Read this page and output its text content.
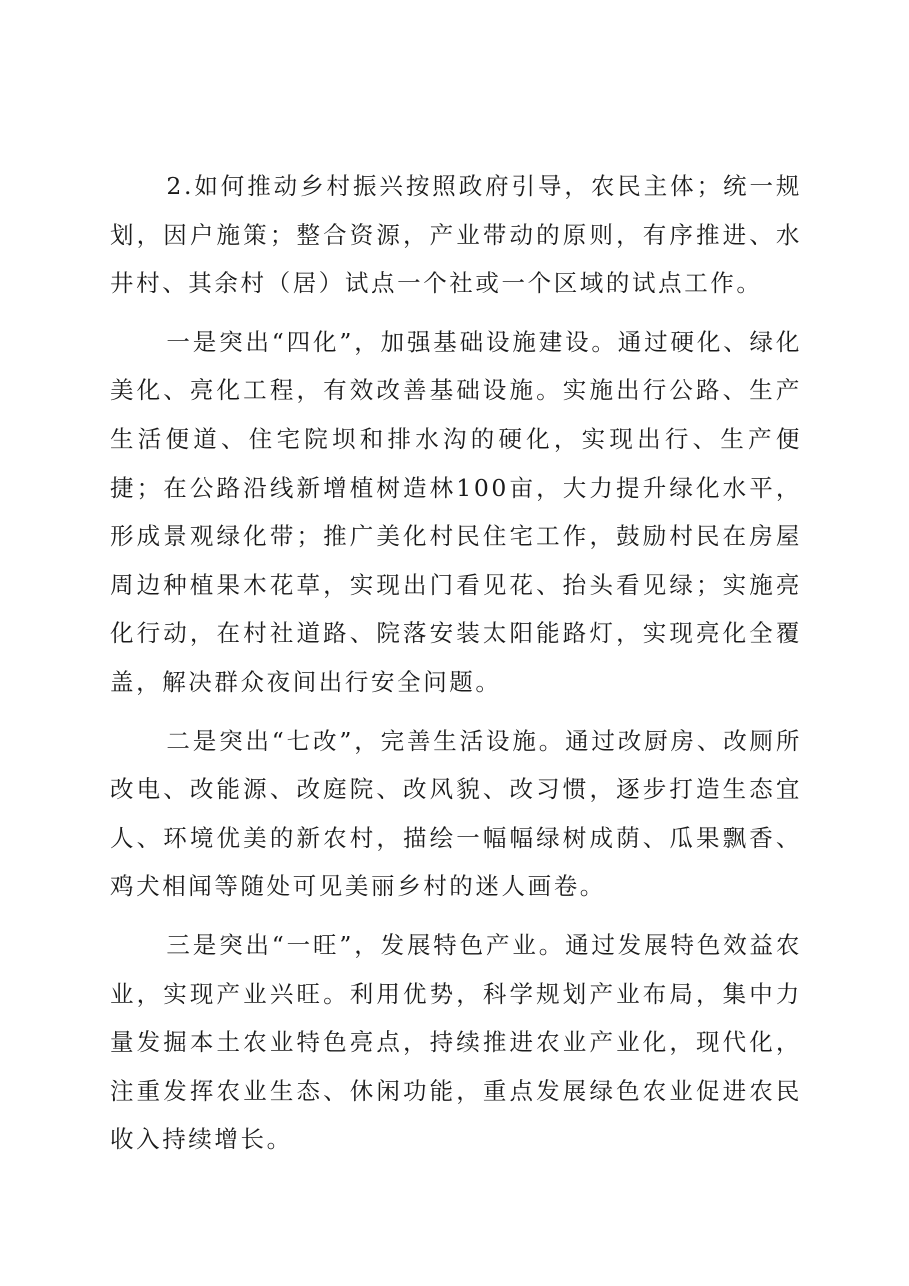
2.如何推动乡村振兴按照政府引导，农民主体；统一规划，因户施策；整合资源，产业带动的原则，有序推进、水井村、其余村（居）试点一个社或一个区域的试点工作。

一是突出“四化”，加强基础设施建设。通过硬化、绿化美化、亮化工程，有效改善基础设施。实施出行公路、生产生活便道、住宅院坝和排水沟的硬化，实现出行、生产便捷；在公路沿线新增植树造林100亩，大力提升绿化水平，形成景观绿化带；推广美化村民住宅工作，鼓励村民在房屋周边种植果木花草，实现出门看见花、抬头看见绿；实施亮化行动，在村社道路、院落安装太阳能路灯，实现亮化全覆盖，解决群众夜间出行安全问题。

二是突出“七改”，完善生活设施。通过改厨房、改厕所改电、改能源、改庭院、改风貌、改习惯，逐步打造生态宜人、环境优美的新农村，描绘一幅幅绿树成荫、瓜果飘香、鸡犬相闻等随处可见美丽乡村的迷人画卷。

三是突出“一旺”，发展特色产业。通过发展特色效益农业，实现产业兴旺。利用优势，科学规划产业布局，集中力量发掘本土农业特色亮点，持续推进农业产业化，现代化，注重发挥农业生态、休闲功能，重点发展绿色农业促进农民收入持续增长。
